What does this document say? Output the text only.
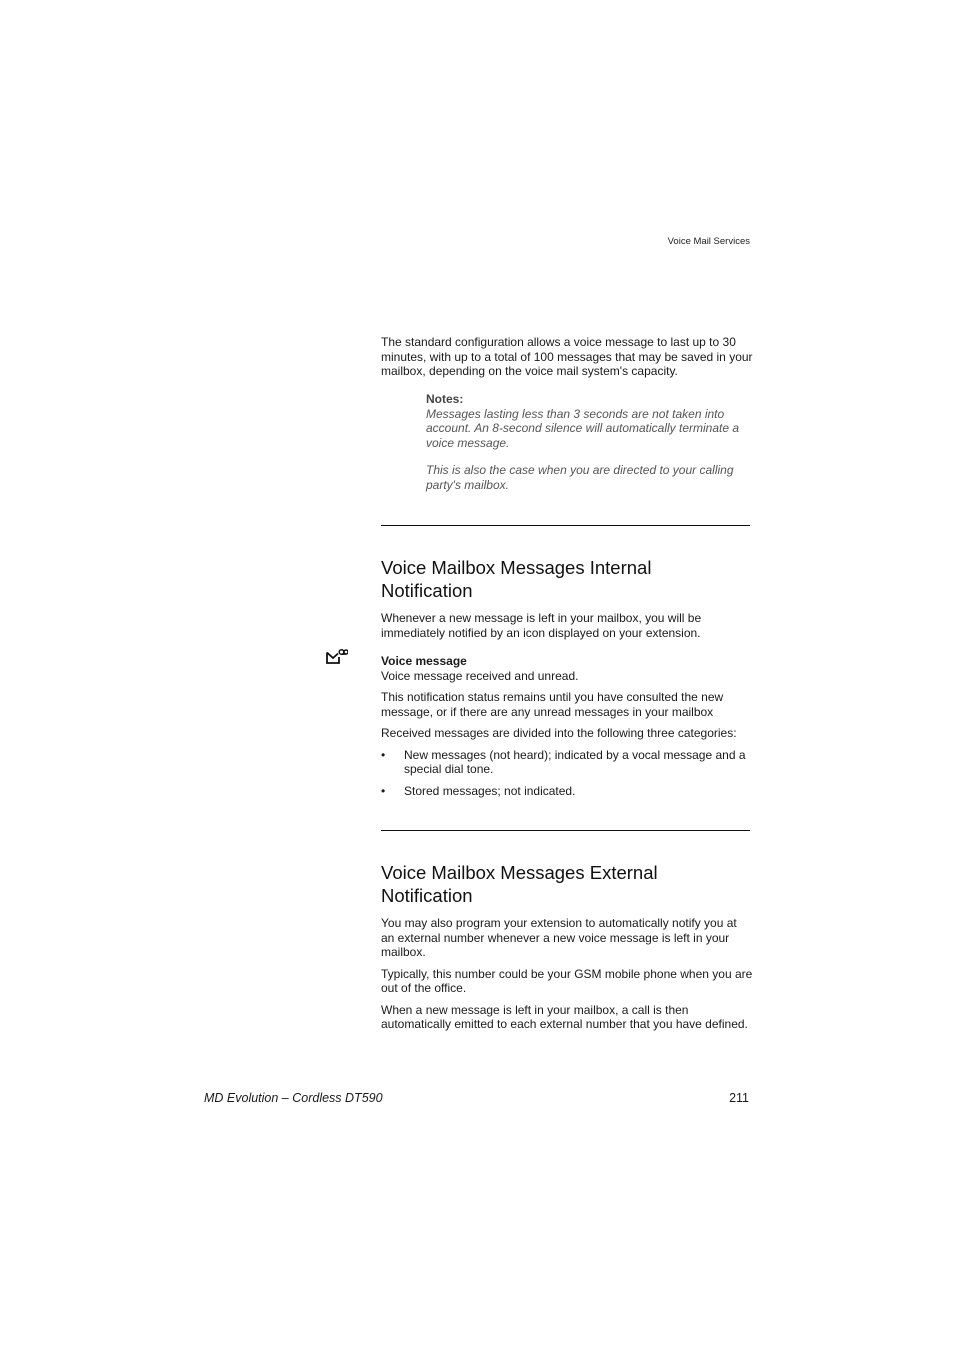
Voice Mail Services

The standard configuration allows a voice message to last up to 30 minutes, with up to a total of 100 messages that may be saved in your mailbox, depending on the voice mail system's capacity.

Notes:

Messages lasting less than 3 seconds are not taken into account. An 8-second silence will automatically terminate a voice message.

This is also the case when you are directed to your calling party's mailbox.

Voice Mailbox Messages Internal
Notification

Whenever a new message is left in your mailbox, you will be immediately notified by an icon displayed on your extension.

Voice message

Voice message received and unread.

This notification status remains until you have consulted the new message, or if there are any unread messages in your mailbox

Received messages are divided into the following three categories:

• New messages (not heard); indicated by a vocal message and a special dial tone.
• Stored messages; not indicated.
Voice Mailbox Messages External
Notification

You may also program your extension to automatically notify you at an external number whenever a new voice message is left in your mailbox.

Typically, this number could be your GSM mobile phone when you are out of the office.

When a new message is left in your mailbox, a call is then automatically emitted to each external number that you have defined.

MD Evolution – Cordless DT590	211
